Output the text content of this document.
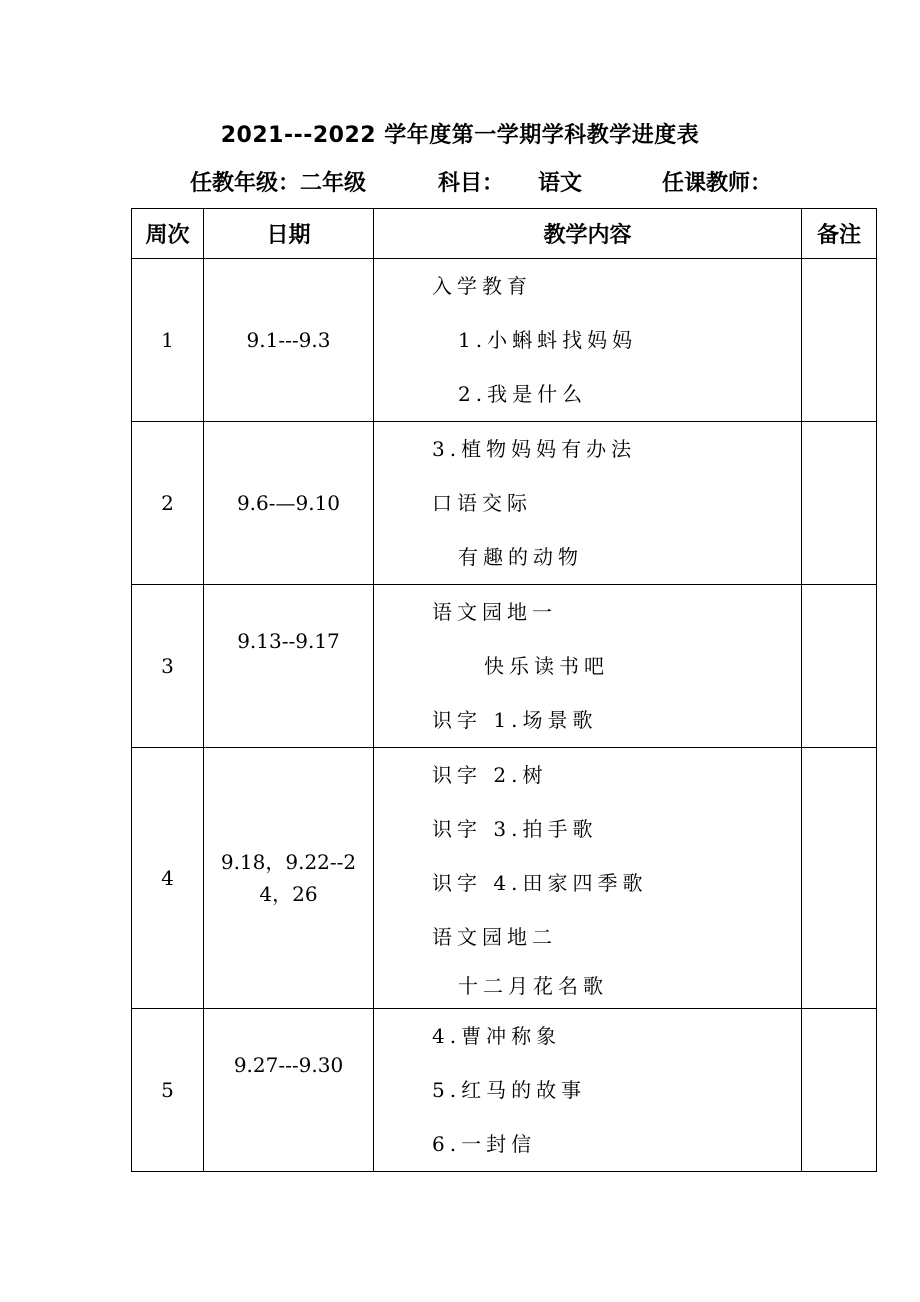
2021---2022 学年度第一学期学科教学进度表
任教年级：二年级	科目： 语文	任课教师：
周次	日期	教学内容	备注
1	9.1---9.3	入学教育
1.小蝌蚪找妈妈
2.我是什么	

2	9.6-—9.10	3.植物妈妈有办法
口语交际
有趣的动物	

3	9.13--9.17	语文园地一
快乐读书吧
识字 1.场景歌	

4	9.18，9.22--24，26	识字 2.树
识字 3.拍手歌
识字 4.田家四季歌
语文园地二
十二月花名歌	

5	9.27---9.30	4.曹冲称象
5.红马的故事
6.一封信	
